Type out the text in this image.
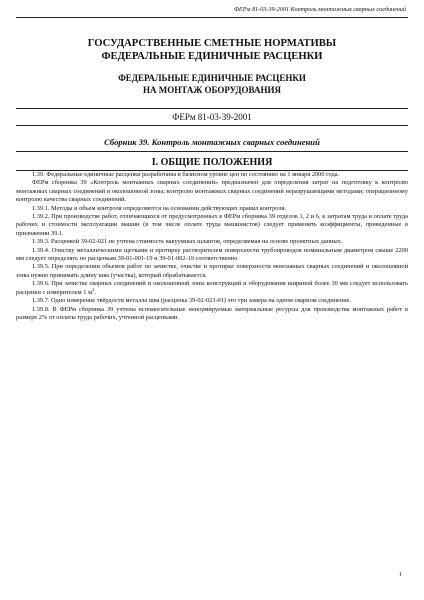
ФЕРм 81-03-39-2001 Контроль монтажных сварных соединений
ГОСУДАРСТВЕННЫЕ СМЕТНЫЕ НОРМАТИВЫ
ФЕДЕРАЛЬНЫЕ ЕДИНИЧНЫЕ РАСЦЕНКИ
ФЕДЕРАЛЬНЫЕ ЕДИНИЧНЫЕ РАСЦЕНКИ
НА МОНТАЖ ОБОРУДОВАНИЯ
ФЕРм 81-03-39-2001
Сборник 39. Контроль монтажных сварных соединений
I. ОБЩИЕ ПОЛОЖЕНИЯ

1.39. Федеральные единичные расценки разработаны в базисном уровне цен по состоянию на 1 января 2000 года.

ФЕРм сборника 39 «Контроль монтажных сварных соединений» предназначен для определения затрат на подготовку к контролю монтажных сварных соединений и околошовной зоны; контролю монтажных сварных соединений неразрушающими методами; операционному контролю качества сварных соединений.

1.39.1. Методы и объем контроля определяются на основании действующих правил контроля.

1.39.2. При производстве работ, отличающихся от предусмотренных в ФЕРм сборника 39 отделов 1, 2 и 6, к затратам труда и оплате труда рабочих и стоимости эксплуатации машин (в том числе оплате труда машинистов) следует применять коэффициенты, приведенные в приложении 39.1.

1.39.3. Расценкой 39-02-021 не учтена стоимость вакуумных шлангов, определяемая на основе проектных данных.

1.39.4. Очистку металлическими щетками и протирку растворителем поверхности трубопроводов номинальным диаметром свыше 2200 мм следует определять по расценкам 39-01-001-19 и 39-01-002-19 соответственно.

1.39.5. При определении объемов работ по зачистке, очистке и протирке поверхности монтажных сварных соединений и околошовной зоны нужно принимать длину шва (участка), который обрабатывается.

1.39.6. При зачистке сварных соединений и околошовной зоны конструкций и оборудования шириной более 30 мм следует использовать расценки с измерителем 1 $м^2$.

1.39.7. Одно измерение твёрдости металла шва (расценка 39-02-023-01) это три замера на одном сварном соединение.

1.39.8. В ФЕРм сборника 39 учтены вспомогательные ненормируемые материальные ресурсы для производства монтажных работ в размере 2% от оплаты труда рабочих, учтенной расценками.

1
